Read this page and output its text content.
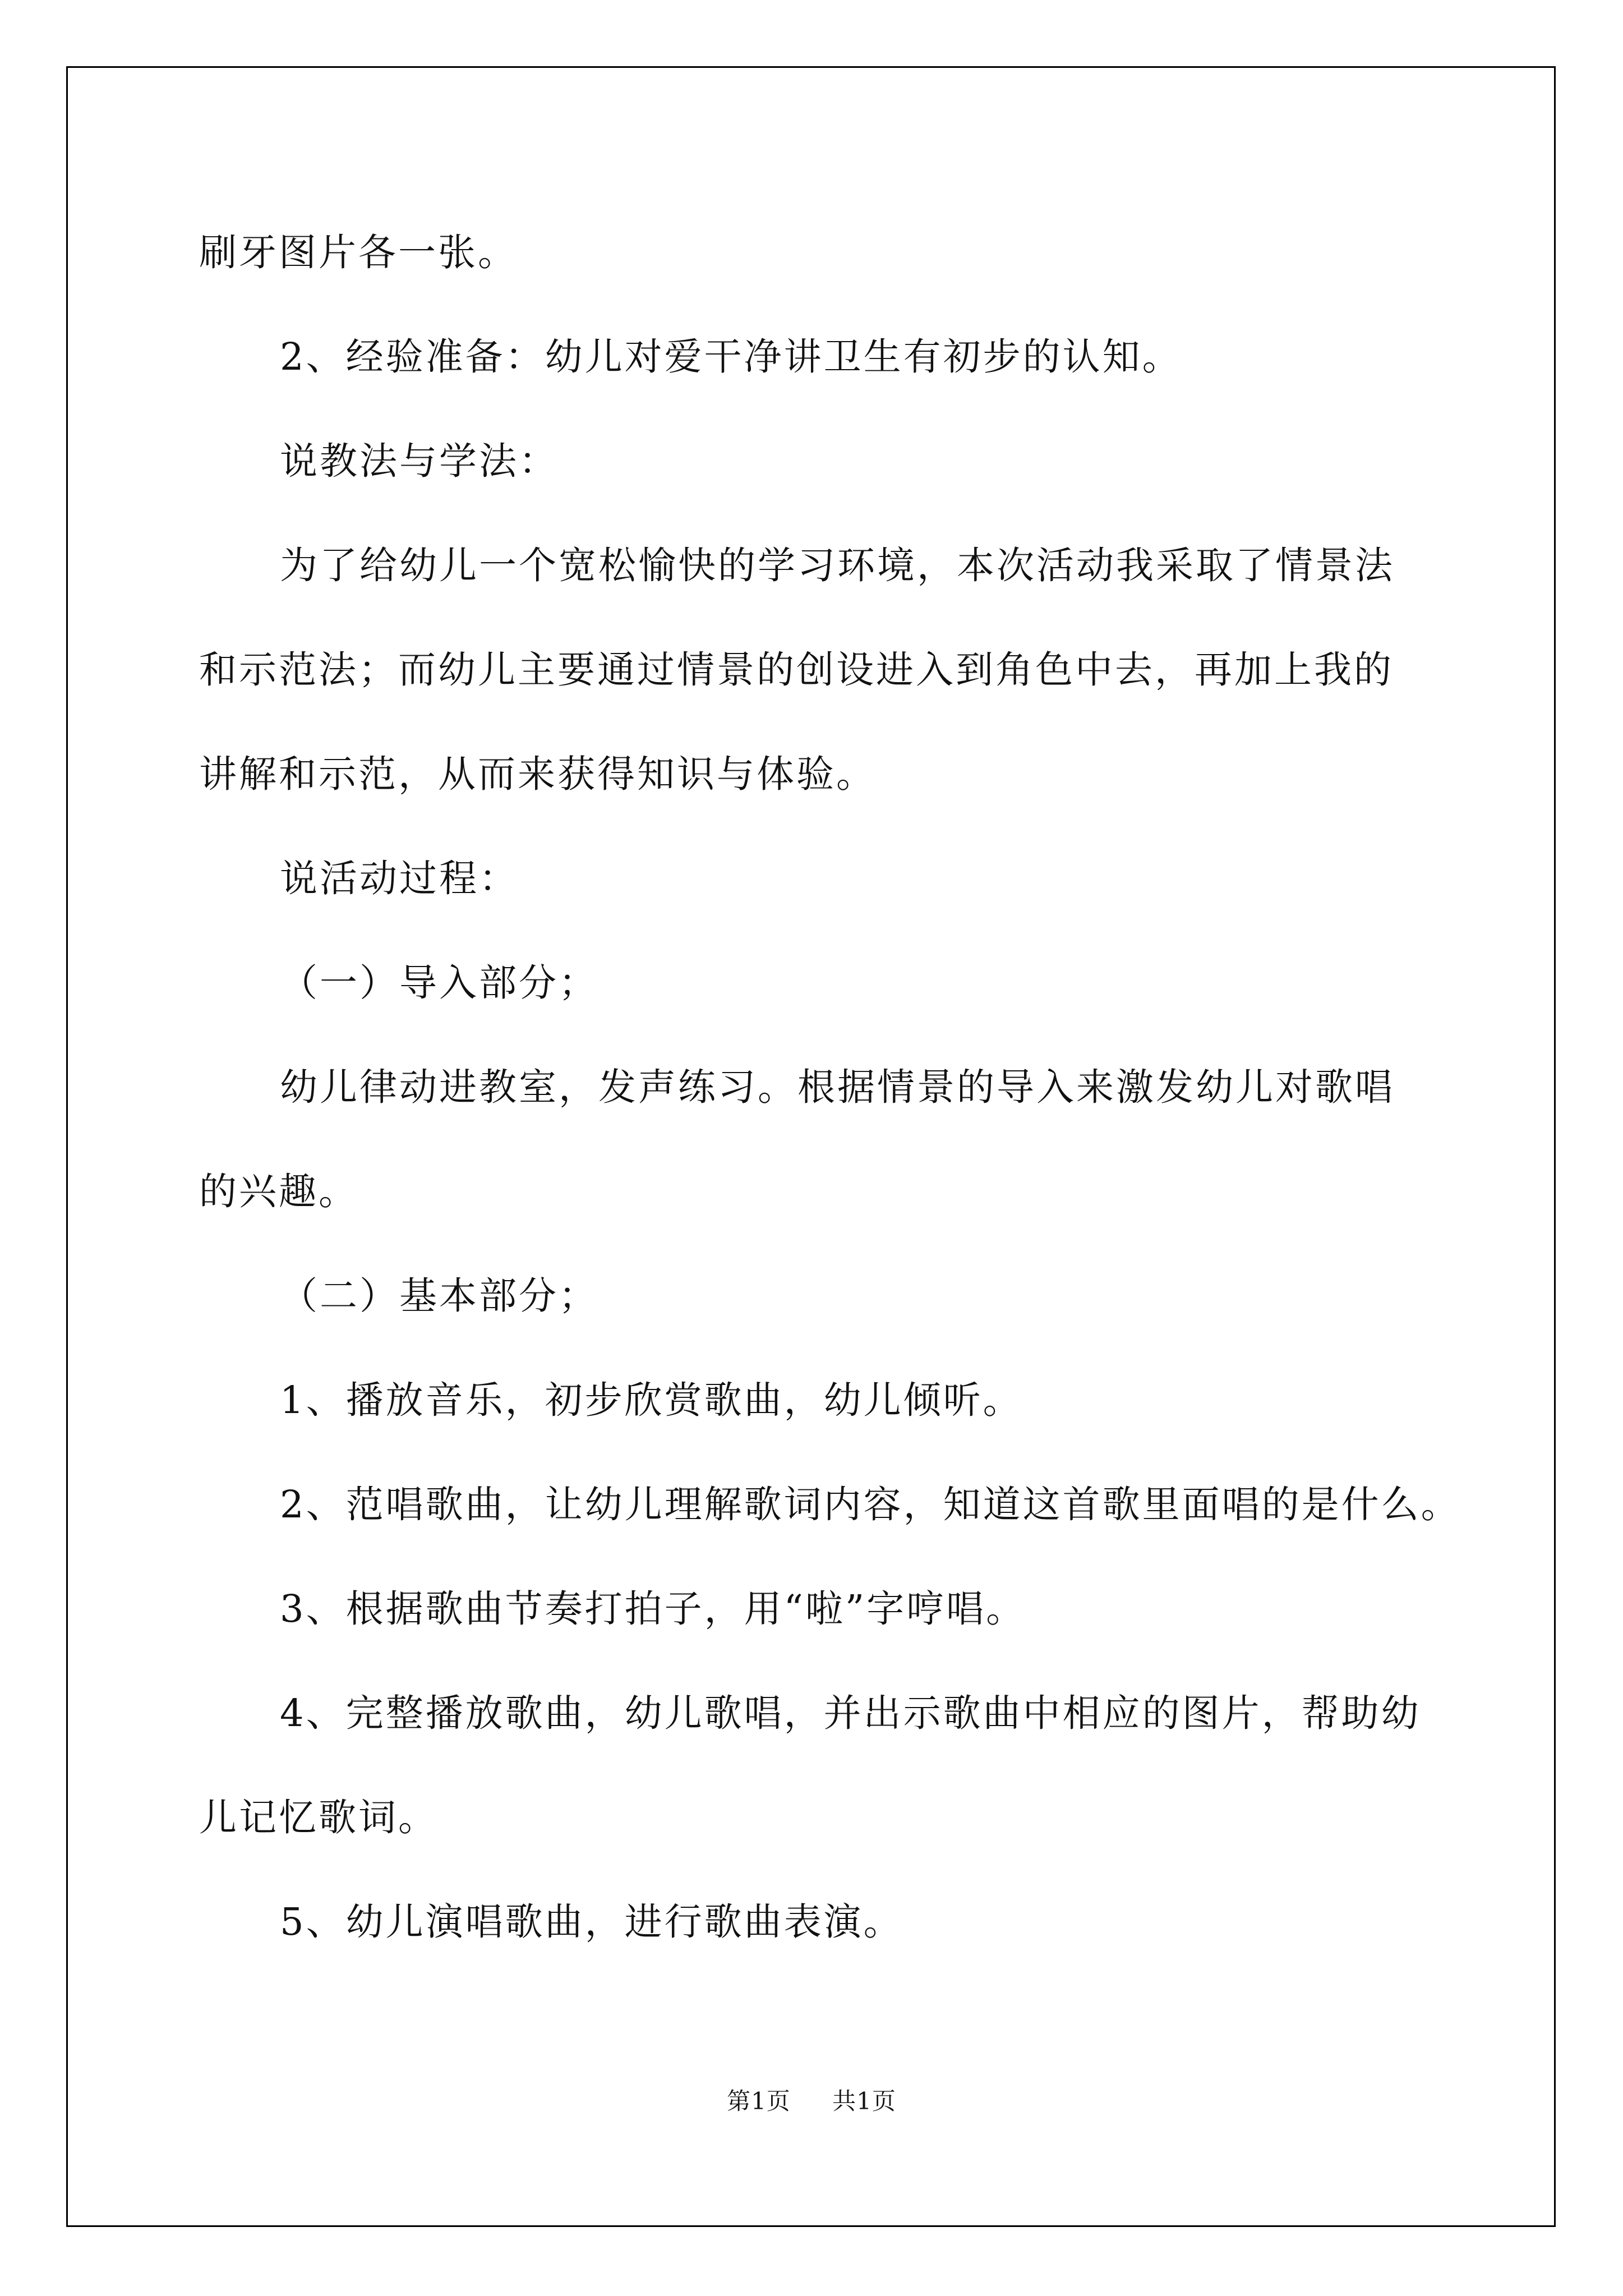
刷牙图片各一张。

2、经验准备：幼儿对爱干净讲卫生有初步的认知。

说教法与学法：

为了给幼儿一个宽松愉快的学习环境，本次活动我采取了情景法

和示范法；而幼儿主要通过情景的创设进入到角色中去，再加上我的

讲解和示范，从而来获得知识与体验。

说活动过程：

（一）导入部分；

幼儿律动进教室，发声练习。根据情景的导入来激发幼儿对歌唱

的兴趣。

（二）基本部分；

1、播放音乐，初步欣赏歌曲，幼儿倾听。

2、范唱歌曲，让幼儿理解歌词内容，知道这首歌里面唱的是什么。

3、根据歌曲节奏打拍子，用“啦”字哼唱。

4、完整播放歌曲，幼儿歌唱，并出示歌曲中相应的图片，帮助幼

儿记忆歌词。

5、幼儿演唱歌曲，进行歌曲表演。

第1页 共1页
